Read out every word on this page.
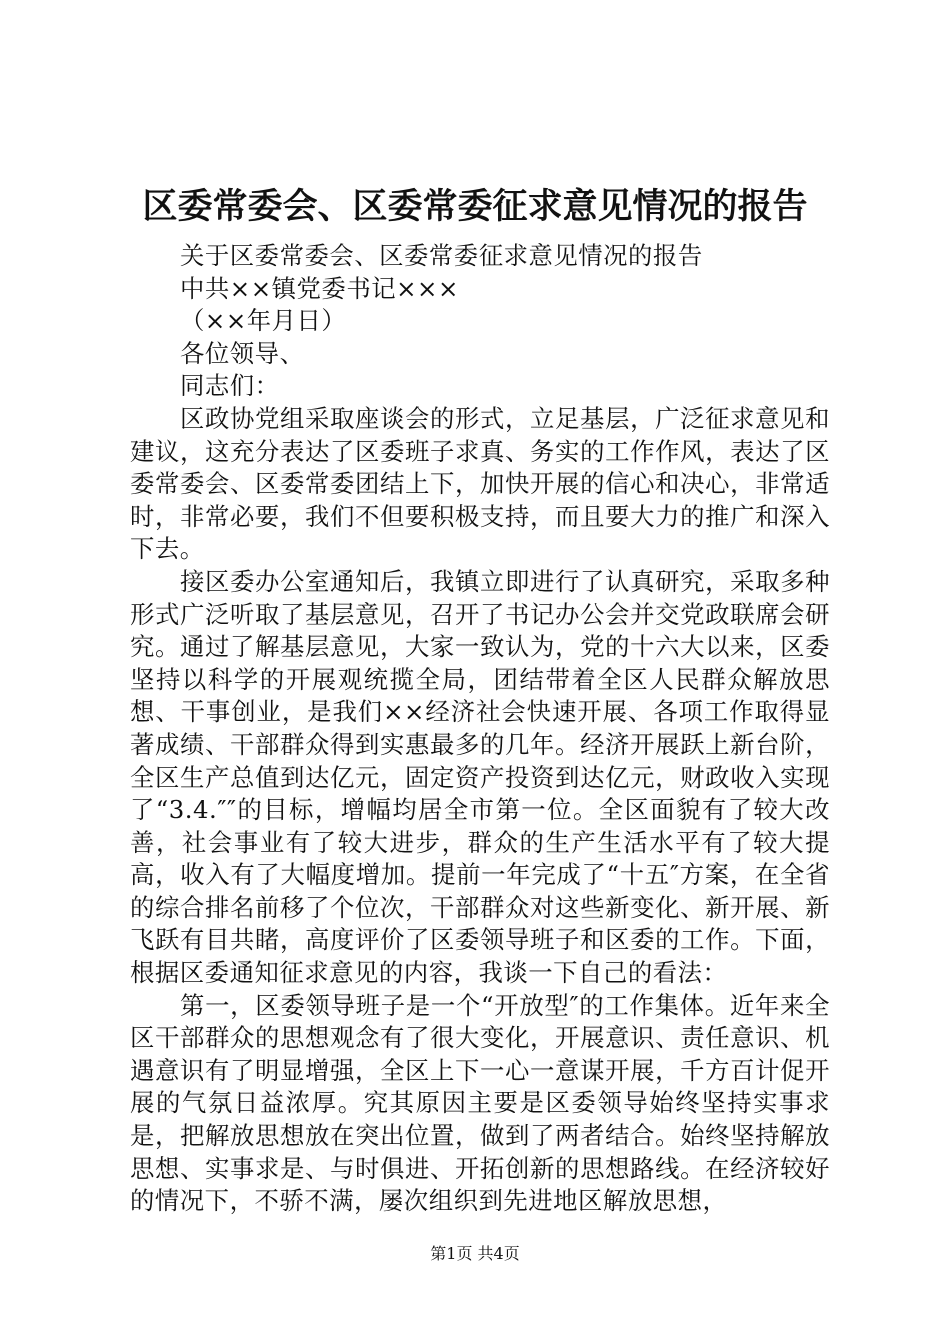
区委常委会、区委常委征求意见情况的报告

关于区委常委会、区委常委征求意见情况的报告

中共××镇党委书记×××

（××年月日）

各位领导、

同志们：

区政协党组采取座谈会的形式，立足基层，广泛征求意见和建议，这充分表达了区委班子求真、务实的工作作风，表达了区委常委会、区委常委团结上下，加快开展的信心和决心，非常适时，非常必要，我们不但要积极支持，而且要大力的推广和深入下去。

接区委办公室通知后，我镇立即进行了认真研究，采取多种形式广泛听取了基层意见，召开了书记办公会并交党政联席会研究。通过了解基层意见，大家一致认为，党的十六大以来，区委坚持以科学的开展观统揽全局，团结带着全区人民群众解放思想、干事创业，是我们××经济社会快速开展、各项工作取得显著成绩、干部群众得到实惠最多的几年。经济开展跃上新台阶，全区生产总值到达亿元，固定资产投资到达亿元，财政收入实现了“3.4.″″的目标，增幅均居全市第一位。全区面貌有了较大改善，社会事业有了较大进步，群众的生产生活水平有了较大提高，收入有了大幅度增加。提前一年完成了“十五″方案，在全省的综合排名前移了个位次，干部群众对这些新变化、新开展、新飞跃有目共睹，高度评价了区委领导班子和区委的工作。下面，根据区委通知征求意见的内容，我谈一下自己的看法：

第一，区委领导班子是一个“开放型″的工作集体。近年来全区干部群众的思想观念有了很大变化，开展意识、责任意识、机遇意识有了明显增强，全区上下一心一意谋开展，千方百计促开展的气氛日益浓厚。究其原因主要是区委领导始终坚持实事求是，把解放思想放在突出位置，做到了两者结合。始终坚持解放思想、实事求是、与时俱进、开拓创新的思想路线。在经济较好的情况下，不骄不满，屡次组织到先进地区解放思想，

第1页 共4页
